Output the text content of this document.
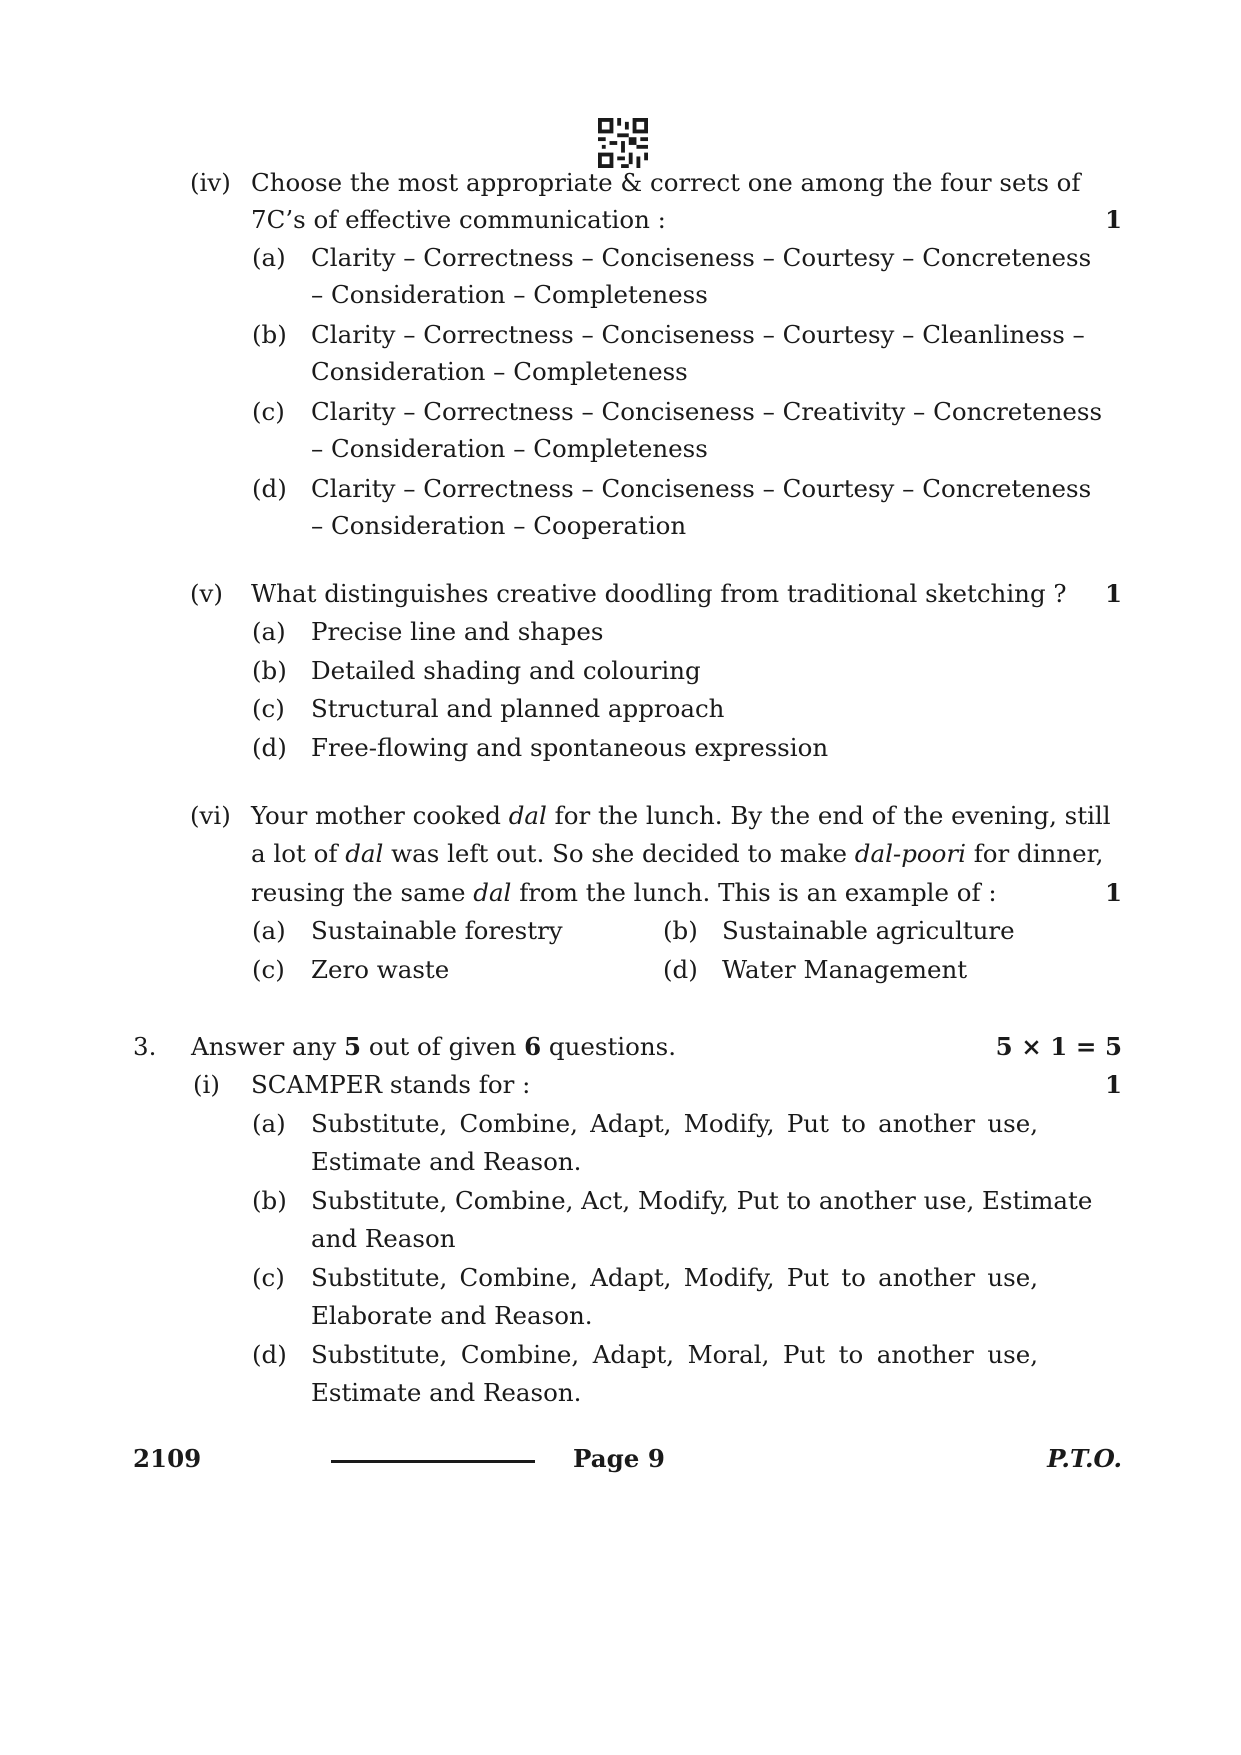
(iv) Choose the most appropriate & correct one among the four sets of
7C’s of effective communication :	1
(a) Clarity – Correctness – Conciseness – Courtesy – Concreteness
– Consideration – Completeness
(b) Clarity – Correctness – Conciseness – Courtesy – Cleanliness –
Consideration – Completeness
(c) Clarity – Correctness – Conciseness – Creativity – Concreteness
– Consideration – Completeness
(d) Clarity – Correctness – Conciseness – Courtesy – Concreteness
– Consideration – Cooperation
(v) What distinguishes creative doodling from traditional sketching ?	1
(a) Precise line and shapes
(b) Detailed shading and colouring
(c) Structural and planned approach
(d) Free-flowing and spontaneous expression
(vi) Your mother cooked dal for the lunch. By the end of the evening, still
a lot of dal was left out. So she decided to make dal-poori for dinner,
reusing the same dal from the lunch. This is an example of :	1
(a) Sustainable forestry	(b) Sustainable agriculture
(c) Zero waste	(d) Water Management
3. Answer any 5 out of given 6 questions.	5 × 1 = 5
(i) SCAMPER stands for :	1
(a) Substitute, Combine, Adapt, Modify, Put to another use,
Estimate and Reason.
(b) Substitute, Combine, Act, Modify, Put to another use, Estimate
and Reason
(c) Substitute, Combine, Adapt, Modify, Put to another use,
Elaborate and Reason.
(d) Substitute, Combine, Adapt, Moral, Put to another use,
Estimate and Reason.
2109	Page 9	P.T.O.
